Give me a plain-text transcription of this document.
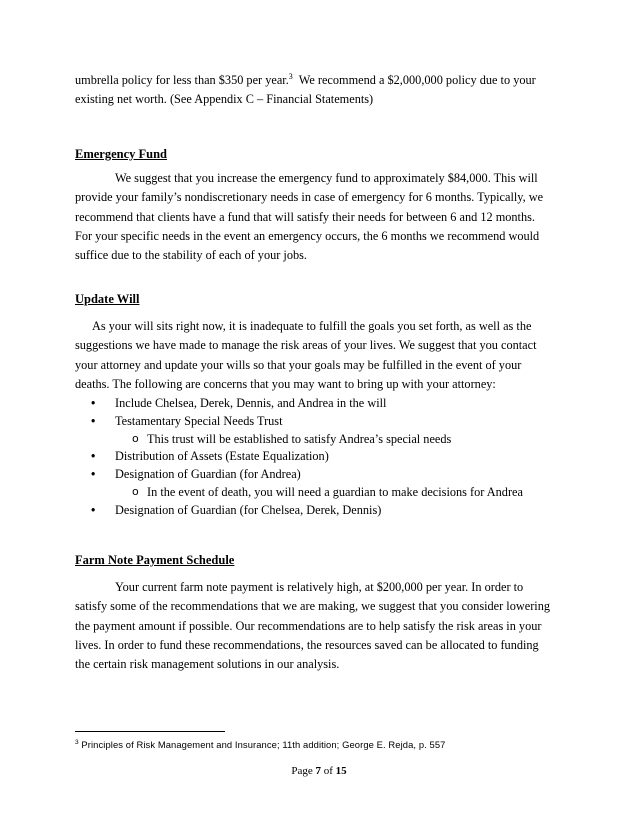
umbrella policy for less than $350 per year.$^3$  We recommend a $2,000,000 policy due to your

existing net worth. (See Appendix C – Financial Statements)

Emergency Fund

We suggest that you increase the emergency fund to approximately $84,000. This will

provide your family’s nondiscretionary needs in case of emergency for 6 months. Typically, we

recommend that clients have a fund that will satisfy their needs for between 6 and 12 months.

For your specific needs in the event an emergency occurs, the 6 months we recommend would

suffice due to the stability of each of your jobs.

Update Will

As your will sits right now, it is inadequate to fulfill the goals you set forth, as well as the

suggestions we have made to manage the risk areas of your lives. We suggest that you contact

your attorney and update your wills so that your goals may be fulfilled in the event of your

deaths. The following are concerns that you may want to bring up with your attorney:

• Include Chelsea, Derek, Dennis, and Andrea in the will
• Testamentary Special Needs Trust
o This trust will be established to satisfy Andrea’s special needs
• Distribution of Assets (Estate Equalization)
• Designation of Guardian (for Andrea)
o In the event of death, you will need a guardian to make decisions for Andrea
• Designation of Guardian (for Chelsea, Derek, Dennis)
Farm Note Payment Schedule

Your current farm note payment is relatively high, at $200,000 per year. In order to

satisfy some of the recommendations that we are making, we suggest that you consider lowering

the payment amount if possible. Our recommendations are to help satisfy the risk areas in your

lives. In order to fund these recommendations, the resources saved can be allocated to funding

the certain risk management solutions in our analysis.

$^3$ Principles of Risk Management and Insurance; 11th addition; George E. Rejda, p. 557
Page 7 of 15
